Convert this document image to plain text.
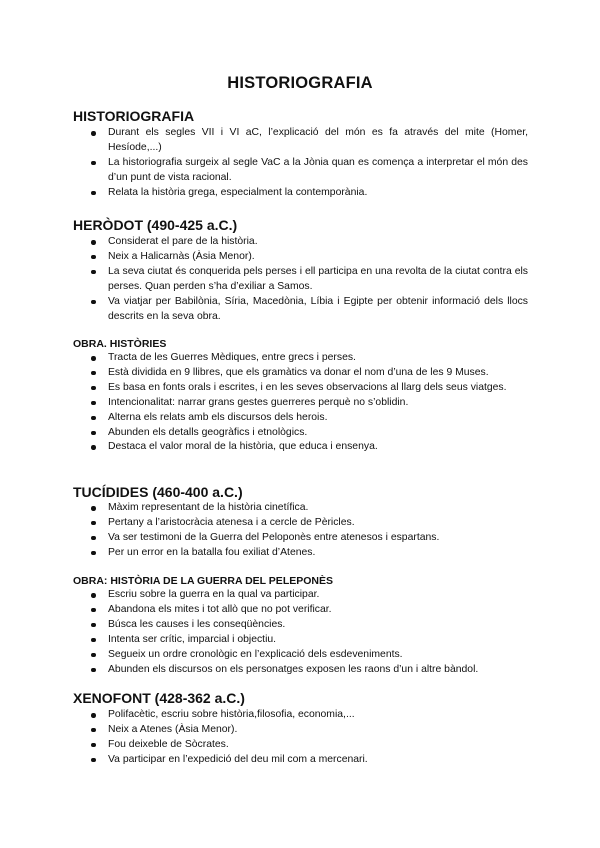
HISTORIOGRAFIA
HISTORIOGRAFIA
Durant els segles VII i VI aC, l’explicació del món es fa através del mite (Homer, Hesíode,...)
La historiografia surgeix al segle VaC a la Jònia quan es comença a interpretar el món des d’un punt de vista racional.
Relata la història grega, especialment la contemporània.
HERÒDOT (490-425 a.C.)
Considerat el pare de la història.
Neix a Halicarnàs (Àsia Menor).
La seva ciutat és conquerida pels perses i ell participa en una revolta de la ciutat contra els perses. Quan perden s’ha d’exiliar a Samos.
Va viatjar per Babilònia, Síria, Macedònia, Líbia i Egipte per obtenir informació dels llocs descrits en la seva obra.
OBRA. HISTÒRIES
Tracta de les Guerres Mèdiques, entre grecs i perses.
Està dividida en 9 llibres, que els gramàtics va donar el nom d’una de les 9 Muses.
Es basa en fonts orals i escrites, i en les seves observacions al llarg dels seus viatges.
Intencionalitat: narrar grans gestes guerreres perquè no s’oblidin.
Alterna els relats amb els discursos dels herois.
Abunden els detalls geogràfics i etnològics.
Destaca el valor moral de la història, que educa i ensenya.
TUCÍDIDES (460-400 a.C.)
Màxim representant de la història cinetífica.
Pertany a l’aristocràcia atenesa i a cercle de Pèricles.
Va ser testimoni de la Guerra del Peloponès entre atenesos i espartans.
Per un error en la batalla fou exiliat d’Atenes.
OBRA: HISTÒRIA DE LA GUERRA DEL PELEPONÈS
Escriu sobre la guerra en la qual va participar.
Abandona els mites i tot allò que no pot verificar.
Búsca les causes i les conseqüències.
Intenta ser crític, imparcial i objectiu.
Segueix un ordre cronològic en l’explicació dels esdeveniments.
Abunden els discursos on els personatges exposen les raons d’un i altre bàndol.
XENOFONT (428-362 a.C.)
Polifacètic, escriu sobre història,filosofia, economia,...
Neix a Atenes (Àsia Menor).
Fou deixeble de Sòcrates.
Va participar en l’expedició del deu mil com a mercenari.
